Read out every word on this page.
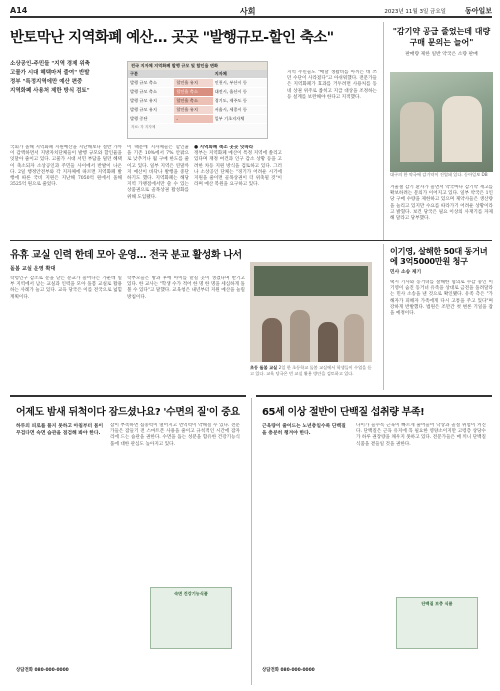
A14	사회	2023년 11월 3일 금요일	동아일보
반토막난 지역화폐 예산… 곳곳 "발행규모-할인 축소"
소상공인-주민들 "지역 경제 위축
고물가 시대 혜택마저 줄여" 반발
정부 "특정지역에만 예산 편중
지역화폐 사용처 제한 방식 검토"
전국 지자체 지역화폐 발행 규모 및 할인율 변화
구분		지자체
발행 규모 축소	할인율 유지	인천시, 부산시 등
발행 규모 축소	할인율 축소	대전시, 울산시 등
발행 규모 유지	할인율 축소	경기도, 제주도 등
발행 규모 유지	할인율 유지	서울시, 세종시 등
발행 중단	-	일부 기초지자체
자료: 각 지자체

국회가 올해 지역화폐 지원예산을 지난해보다 절반 가까이 감액하면서 지방자치단체들이 발행 규모와 할인율을 잇달아 줄이고 있다. 고물가 시대 서민 부담을 덜던 혜택이 축소되자 소상공인과 주민들 사이에서 반발이 나온다. 2일 행정안전부와 각 지자체에 따르면 지역화폐 발행에 따른 국비 지원은 지난해 7050억 원에서 올해 3525억 원으로 줄었다.

이 때문에 지자체들은 할인율을 기존 10%에서 7% 안팎으로 낮추거나 월 구매 한도를 줄이고 있다. 일부 지역은 연말까지 예산이 바닥나 발행을 중단하기도 했다. 지역화폐는 해당 지역 가맹점에서만 쓸 수 있는 상품권으로 골목상권 활성화를 위해 도입됐다.

● 지역화폐 축소 곳곳 잇따라

정부는 지역화폐 예산이 특정 지역에 쏠리고 있다며 재정 여건과 인구 감소 상황 등을 고려한 차등 지원 방식을 검토하고 있다. 그러나 소상공인 단체는 "경기가 어려운 시기에 지원을 줄이면 골목상권이 더 위축될 것"이라며 예산 복원을 요구하고 있다.

지역 주민들도 "매달 생활비를 아끼는 데 쓰던 수단이 사라졌다"고 아쉬워했다. 전문가들은 지역화폐가 효과를 거두려면 사용처를 동네 상권 위주로 좁히고 지급 대상을 조정하는 등 설계를 보완해야 한다고 지적했다.

"감기약 공급 줄었는데 대량구매 문의는 늘어"
판매량 제한 일반 약국은 소량 판매
대구의 한 약국에 감기약이 진열돼 있다. 동아일보 DB

겨울철 감기 환자가 늘면서 약국마다 감기약 재고를 확보하려는 문의가 이어지고 있다. 일부 약국은 1인당 구매 수량을 제한하고 있으며 제약사들은 생산량을 늘리고 있지만 수요를 따라가기 어려운 상황이라고 밝혔다. 보건 당국은 필요 이상의 사재기를 자제해 달라고 당부했다.

유휴 교실 인력 한데 모아 운영… 전국 분교 활성화 나서
돌봄 교실 운영 확대

학령인구 감소로 문을 닫는 분교가 늘어나는 가운데 일부 지역에서 남는 교실과 인력을 모아 돌봄 교실로 활용하는 사례가 늘고 있다. 교육 당국은 이를 전국으로 넓힐 계획이다.

학부모들은 방과 후에 아이를 맡길 곳이 생겼다며 반기고 있다. 한 교사는 "학생 수가 적어 한 명 한 명을 세심하게 돌볼 수 있다"고 말했다. 교육청은 내년부터 지원 예산을 늘릴 방침이다.

초등 돌봄 교실 2일 한 초등학교 돌봄 교실에서 학생들이 수업을 듣고 있다. 교육 당국은 빈 교실 활용 방안을 검토하고 있다.
이기영, 살해한 50대 동거녀에 3억5000만원 청구
민사 소송 제기

택시 기사와 동거녀를 살해한 혐의로 수감 중인 이기영이 숨진 동거녀 유족을 상대로 금전을 돌려달라는 민사 소송을 낸 것으로 확인됐다. 유족 측은 "가해자가 피해자 가족에게 다시 고통을 주고 있다"며 강하게 반발했다. 법원은 조만간 첫 변론 기일을 잡을 예정이다.

어제도 밤새 뒤척이다 잠드셨나요? '수면의 질'이 중요
하루의 피로를 풀지 못하고 아침부터 몸이 무겁다면 숙면 습관을 점검해 봐야 한다.

잠이 부족하면 집중력이 떨어지고 면역력이 약해질 수 있다. 전문가들은 잠들기 전 스마트폰 사용을 줄이고 규칙적인 시간에 잠자리에 드는 습관을 권한다. 수면을 돕는 성분을 함유한 건강기능식품에 대한 관심도 높아지고 있다.

숙면 건강기능식품
상담전화 080-000-0000
65세 이상 절반이 단백질 섭취량 부족!
근육량이 줄어드는 노년층일수록 단백질을 충분히 챙겨야 한다.

나이가 들수록 근육이 빠르게 줄어들어 낙상과 골절 위험이 커진다. 단백질은 근육 유지에 꼭 필요한 영양소이지만 고령층 상당수가 하루 권장량을 채우지 못하고 있다. 전문가들은 매 끼니 단백질 식품을 곁들일 것을 권한다.

단백질 보충 식품
상담전화 080-000-0000
